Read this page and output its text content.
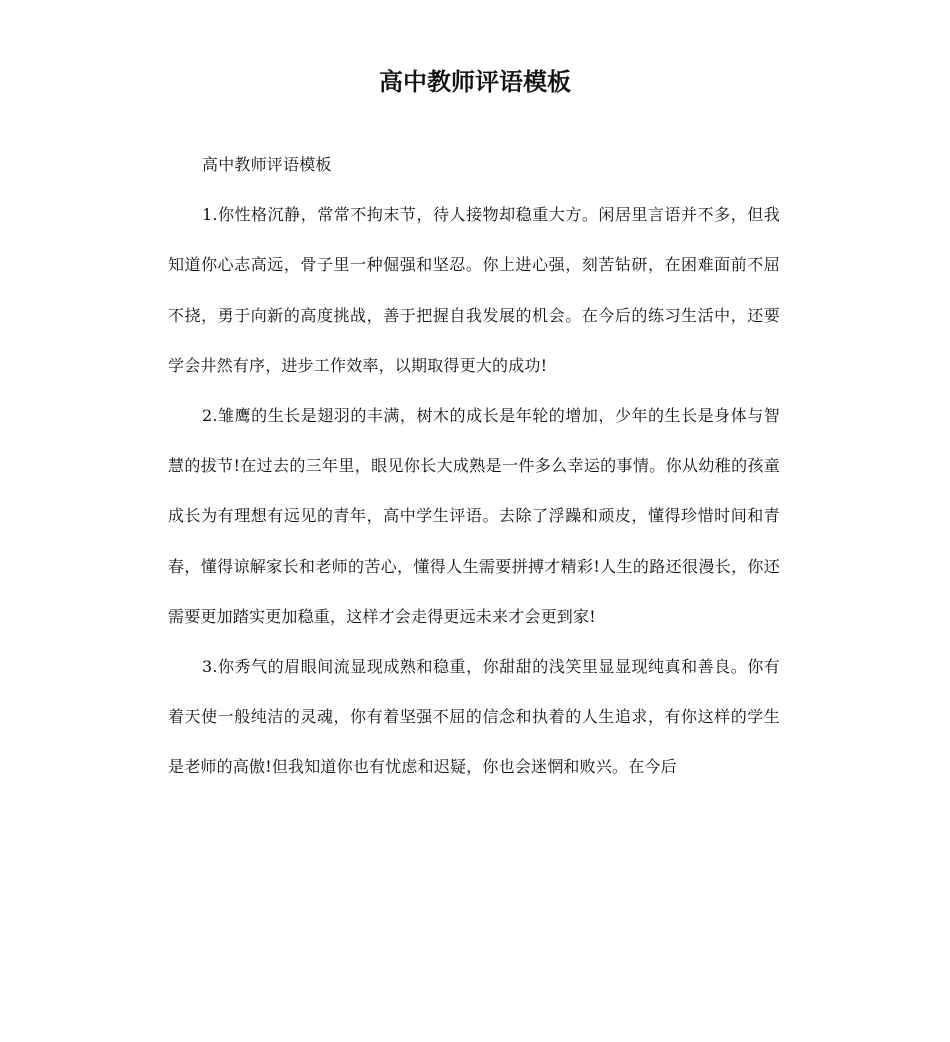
高中教师评语模板

高中教师评语模板

1.你性格沉静，常常不拘末节，待人接物却稳重大方。闲居里言语并不多，但我知道你心志高远，骨子里一种倔强和坚忍。你上进心强，刻苦钻研，在困难面前不屈不挠，勇于向新的高度挑战，善于把握自我发展的机会。在今后的练习生活中，还要学会井然有序，进步工作效率，以期取得更大的成功!

2.雏鹰的生长是翅羽的丰满，树木的成长是年轮的增加，少年的生长是身体与智慧的拔节!在过去的三年里，眼见你长大成熟是一件多么幸运的事情。你从幼稚的孩童成长为有理想有远见的青年，高中学生评语。去除了浮躁和顽皮，懂得珍惜时间和青春，懂得谅解家长和老师的苦心，懂得人生需要拼搏才精彩!人生的路还很漫长，你还需要更加踏实更加稳重，这样才会走得更远未来才会更到家!

3.你秀气的眉眼间流显现成熟和稳重，你甜甜的浅笑里显显现纯真和善良。你有着天使一般纯洁的灵魂，你有着坚强不屈的信念和执着的人生追求，有你这样的学生是老师的高傲!但我知道你也有忧虑和迟疑，你也会迷惘和败兴。在今后
